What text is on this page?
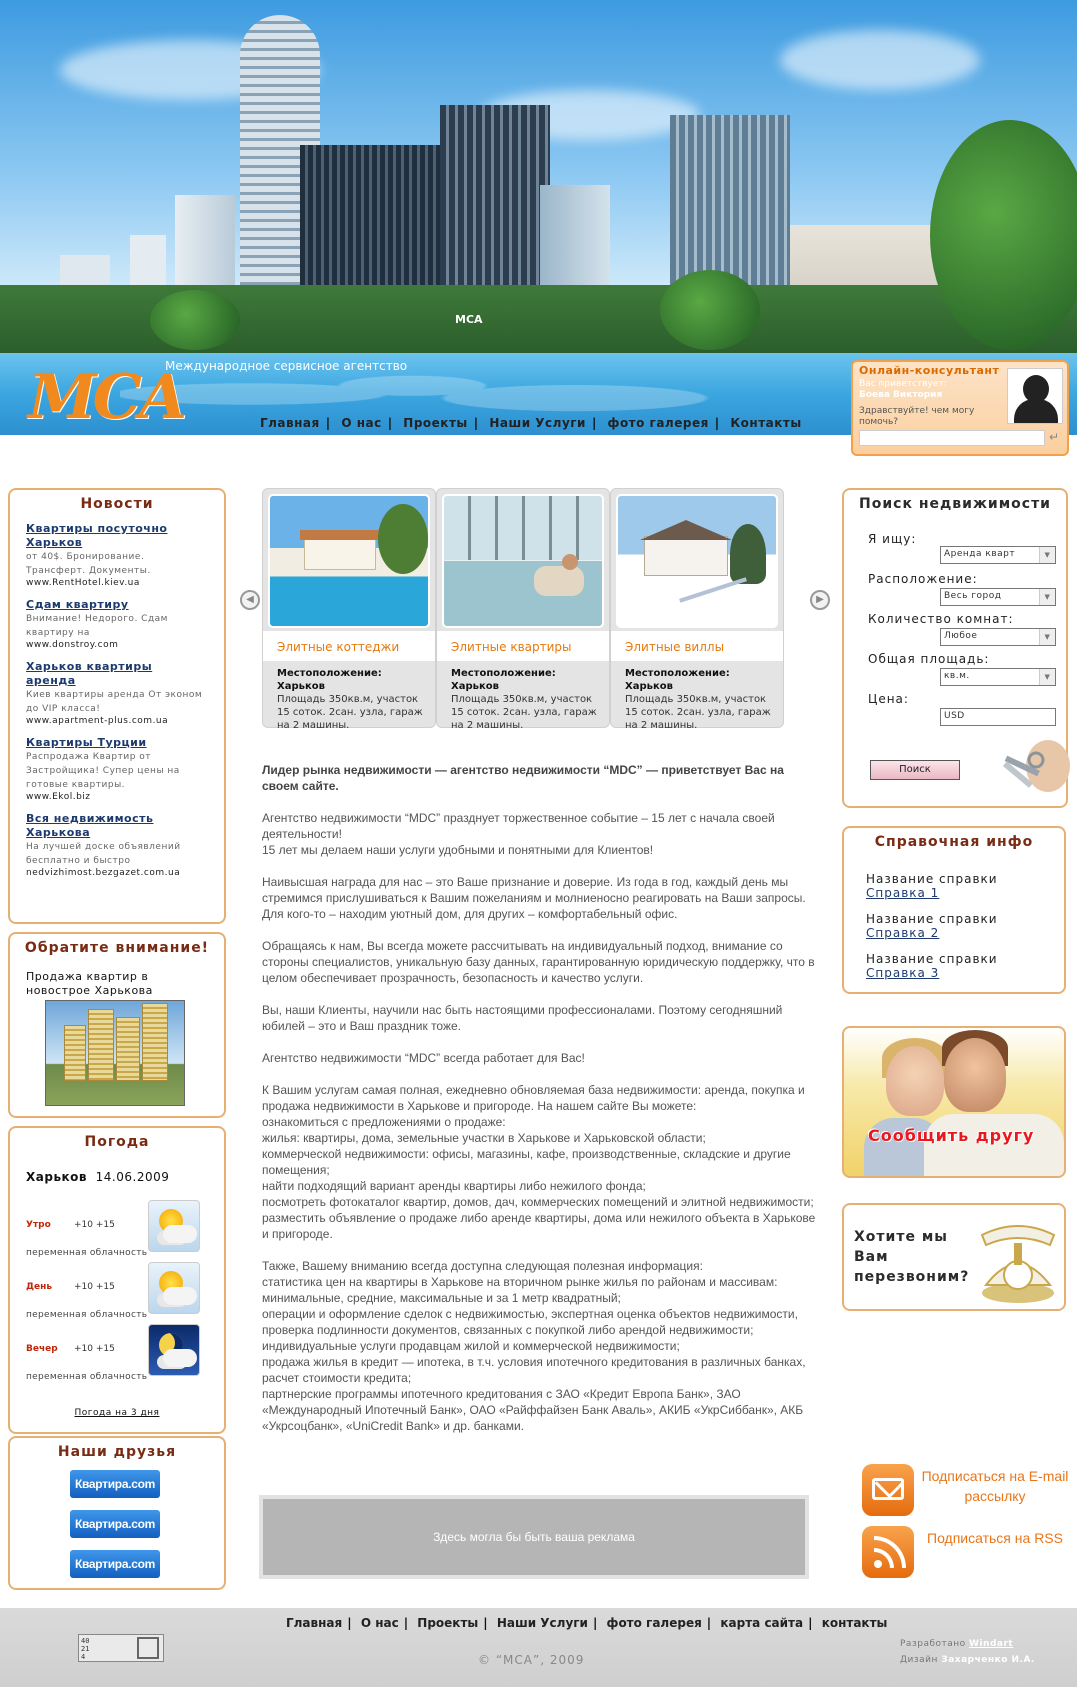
МСА
МСА
Международное сервисное агентство
Главная | О нас | Проекты | Наши Услуги | фото галерея | Контакты
Онлайн-консультант
Вас приветствует:
Боева Виктория
Здравствуйте! чем могу помочь?
↵
Новости
Квартиры посуточно Харьков
от 40$. Бронирование. Трансферт. Документы.
www.RentHotel.kiev.ua
Сдам квартиру
Внимание! Недорого. Сдам квартиру на
www.donstroy.com
Харьков квартиры аренда
Киев квартиры аренда От эконом до VIP класса!
www.apartment-plus.com.ua
Квартиры Турции
Распродажа Квартир от Застройщика! Супер цены на готовые квартиры.
www.Ekol.biz
Вся недвижимость Харькова
На лучшей доске объявлений бесплатно и быстро
nedvizhimost.bezgazet.com.ua
Обратите внимание!
Продажа квартир в новострое Харькова
Погода
Харьков 14.06.2009
Утро	+10 +15
переменная облачность
День	+10 +15
переменная облачность
Вечер	+10 +15
переменная облачность
Погода на 3 дня
Наши друзья
Квартира.com
Квартира.com
Квартира.com
◀	▶
Элитные коттеджи
Местоположение: Харьков
Площадь 350кв.м, участок 15 соток. 2сан. узла, гараж на 2 машины.
Элитные квартиры
Местоположение: Харьков
Площадь 350кв.м, участок 15 соток. 2сан. узла, гараж на 2 машины.
Элитные виллы
Местоположение: Харьков
Площадь 350кв.м, участок 15 соток. 2сан. узла, гараж на 2 машины.

Лидер рынка недвижимости — агентство недвижимости “MDC” — приветствует Вас на своем сайте.

Агентство недвижимости “MDC” празднует торжественное событие – 15 лет с начала своей деятельности!
15 лет мы делаем наши услуги удобными и понятными для Клиентов!

Наивысшая награда для нас – это Ваше признание и доверие. Из года в год, каждый день мы стремимся прислушиваться к Вашим пожеланиям и молниеносно реагировать на Ваши запросы. Для кого-то – находим уютный дом, для других – комфортабельный офис.

Обращаясь к нам, Вы всегда можете рассчитывать на индивидуальный подход, внимание со стороны специалистов, уникальную базу данных, гарантированную юридическую поддержку, что в целом обеспечивает прозрачность, безопасность и качество услуги.

Вы, наши Клиенты, научили нас быть настоящими профессионалами. Поэтому сегодняшний юбилей – это и Ваш праздник тоже.

Агентство недвижимости “MDC” всегда работает для Вас!

К Вашим услугам самая полная, ежедневно обновляемая база недвижимости: аренда, покупка и продажа недвижимости в Харькове и пригороде. На нашем сайте Вы можете:
ознакомиться с предложениями о продаже:
жилья: квартиры, дома, земельные участки в Харькове и Харьковской области;
коммерческой недвижимости: офисы, магазины, кафе, производственные, складские и другие помещения;
найти подходящий вариант аренды квартиры либо нежилого фонда;
посмотреть фотокаталог квартир, домов, дач, коммерческих помещений и элитной недвижимости;
разместить объявление о продаже либо аренде квартиры, дома или нежилого объекта в Харькове и пригороде.

Также, Вашему вниманию всегда доступна следующая полезная информация:
статистика цен на квартиры в Харькове на вторичном рынке жилья по районам и массивам: минимальные, средние, максимальные и за 1 метр квадратный;
операции и оформление сделок с недвижимостью, экспертная оценка объектов недвижимости, проверка подлинности документов, связанных с покупкой либо арендой недвижимости;
индивидуальные услуги продавцам жилой и коммерческой недвижимости;
продажа жилья в кредит — ипотека, в т.ч. условия ипотечного кредитования в различных банках, расчет стоимости кредита;
партнерские программы ипотечного кредитования с ЗАО «Кредит Европа Банк», ЗАО «Международный Ипотечный Банк», ОАО «Райффайзен Банк Аваль», АКИБ «УкрСиббанк», АКБ «Укрсоцбанк», «UniCredit Bank» и др. банками.

Здесь могла бы быть ваша реклама
Поиск недвижимости
Я ищу:
Аренда кварт	▼
Расположение:
Весь город	▼
Количество комнат:
Любое	▼
Общая площадь:
кв.м.	▼
Цена:
USD
Поиск
Справочная инфо
Название справки
Справка 1
Название справки
Справка 2
Название справки
Справка 3
Сообщить другу
Хотите мы Вам перезвоним?
Подписаться на E-mail рассылку
Подписаться на RSS
Главная | О нас | Проекты | Наши Услуги | фото галерея | карта сайта | контакты
40
21
4	© “МСА”, 2009
Разработано Windart
Дизайн Захарченко И.А.
